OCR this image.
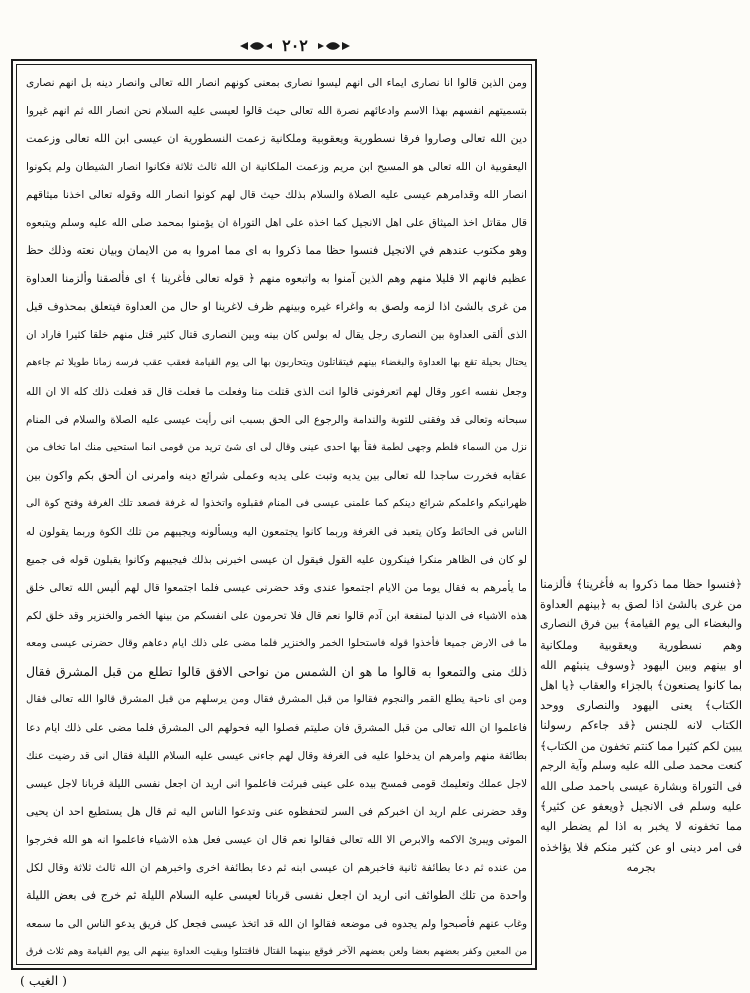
۲۰۲
ومن الذين قالوا انا نصارى ايماء الى انهم ليسوا نصارى بمعنى كونهم انصار الله تعالى وانصار دينه بل انهم نصارى
بتسميتهم انفسهم بهذا الاسم وادعائهم نصرة الله تعالى حيث قالوا لعيسى عليه السلام نحن انصار الله ثم انهم غيروا
دين الله تعالى وصاروا فرقا نسطورية ويعقوبية وملكانية زعمت النسطورية ان عيسى ابن الله تعالى وزعمت
اليعقوبية ان الله تعالى هو المسيح ابن مريم وزعمت الملكانية ان الله ثالث ثلاثة فكانوا انصار الشيطان ولم يكونوا
انصار الله وقدامرهم عيسى عليه الصلاة والسلام بذلك حيث قال لهم كونوا انصار الله وقوله تعالى اخذنا ميثاقهم
قال مقاتل اخذ الميثاق على اهل الانجيل كما اخذه على اهل التوراة ان يؤمنوا بمحمد صلى الله عليه وسلم ويتبعوه
وهو مكتوب عندهم في الانجيل فنسوا حظا مما ذكروا به اى مما امروا به من الايمان وبيان نعته وذلك حظ
عظيم فانهم الا قليلا منهم وهم الذين آمنوا به واتبعوه منهم ﴿ قوله تعالى فأغرينا ﴾ اى فألصقنا وألزمنا العداوة
من غرى بالشئ اذا لزمه ولصق به واغراء غيره وبينهم ظرف لاغرينا او حال من العداوة فيتعلق بمحذوف قيل
الذى ألقى العداوة بين النصارى رجل يقال له بولس كان بينه وبين النصارى قتال كثير قتل منهم خلقا كثيرا فاراد ان
يحتال بحيلة تقع بها العداوة والبغضاء بينهم فيتقاتلون ويتحاربون بها الى يوم القيامة فعقب عقب فرسه زمانا طويلا ثم جاءهم
وجعل نفسه اعور وقال لهم اتعرفونى قالوا انت الذى قتلت منا وفعلت ما فعلت قال قد فعلت ذلك كله الا ان الله
سبحانه وتعالى قد وفقنى للتوبة والندامة والرجوع الى الحق بسبب انى رأيت عيسى عليه الصلاة والسلام فى المنام
نزل من السماء فلطم وجهى لطمة فقأ بها احدى عينى وقال لى اى شئ تريد من قومى انما استحيى منك اما تخاف من
عقابه فخررت ساجدا لله تعالى بين يديه وتبت على يديه وعملى شرائع دينه وامرنى ان ألحق بكم واكون بين
ظهرانيكم واعلمكم شرائع دينكم كما علمنى عيسى فى المنام فقبلوه واتخذوا له غرفة فصعد تلك الغرفة وفتح كوة الى
الناس فى الحائط وكان يتعبد فى الغرفة وربما كانوا يجتمعون اليه ويسألونه ويجيبهم من تلك الكوة وربما يقولون له
لو كان فى الظاهر منكرا فينكرون عليه القول فيقول ان عيسى اخبرنى بذلك فيجيبهم وكانوا يقبلون قوله فى جميع
ما يأمرهم به فقال يوما من الايام اجتمعوا عندى وقد حضرنى عيسى فلما اجتمعوا قال لهم أليس الله تعالى خلق
هذه الاشياء فى الدنيا لمنفعة ابن آدم قالوا نعم قال فلا تحرمون على انفسكم من بينها الخمر والخنزير وقد خلق لكم
ما فى الارض جميعا فأخذوا قوله فاستحلوا الخمر والخنزير فلما مضى على ذلك ايام دعاهم وقال حضرنى عيسى ومعه
ذلك منى والتمعوا به قالوا ما هو ان الشمس من نواحى الافق قالوا تطلع من قبل المشرق فقال
ومن اى ناحية يطلع القمر والنجوم فقالوا من قبل المشرق فقال ومن يرسلهم من قبل المشرق قالوا الله تعالى فقال
فاعلموا ان الله تعالى من قبل المشرق فان صليتم فصلوا اليه فحولهم الى المشرق فلما مضى على ذلك ايام دعا
بطائفة منهم وامرهم ان يدخلوا عليه فى الغرفة وقال لهم جاءنى عيسى عليه السلام الليلة فقال انى قد رضيت عنك
لاجل عملك وتعليمك قومى فمسح بيده على عينى فبرئت فاعلموا انى اريد ان اجعل نفسى الليلة قربانا لاجل عيسى
وقد حضرنى علم اريد ان اخبركم فى السر لتحفظوه عنى وتدعوا الناس اليه ثم قال هل يستطيع احد ان يحيى
الموتى ويبرئ الاكمه والابرص الا الله تعالى فقالوا نعم قال ان عيسى فعل هذه الاشياء فاعلموا انه هو الله فخرجوا
من عنده ثم دعا بطائفة ثانية فاخبرهم ان عيسى ابنه ثم دعا بطائفة اخرى واخبرهم ان الله ثالث ثلاثة وقال لكل
واحدة من تلك الطوائف انى اريد ان اجعل نفسى قربانا لعيسى عليه السلام الليلة ثم خرج فى بعض الليلة
وغاب عنهم فأصبحوا ولم يجدوه فى موضعه فقالوا ان الله قد اتخذ عيسى فجعل كل فريق يدعو الناس الى ما سمعه
من المعين وكفر بعضهم بعضا ولعن بعضهم الآخر فوقع بينهما القتال فاقتتلوا وبقيت العداوة بينهم الى يوم القيامة وهم ثلاث فرق
﴿فنسوا حظا مما ذكروا به فأغرينا﴾ فألزمنا
من غرى بالشئ اذا لصق به ﴿بينهم العداوة
والبغضاء الى يوم القيامة﴾ بين فرق النصارى
وهم نسطورية ويعقوبية وملكانية
او بينهم وبين اليهود ﴿وسوف ينبئهم الله
بما كانوا يصنعون﴾ بالجزاء والعقاب ﴿يا اهل
الكتاب﴾ يعنى اليهود والنصارى ووحد
الكتاب لانه للجنس ﴿قد جاءكم رسولنا
يبين لكم كثيرا مما كنتم تخفون من الكتاب﴾
كنعت محمد صلى الله عليه وسلم وآية الرجم
فى التوراة وبشارة عيسى باحمد صلى الله
عليه وسلم فى الانجيل ﴿ويعفو عن كثير﴾
مما تخفونه لا يخبر به اذا لم يضطر اليه
فى امر دينى او عن كثير منكم فلا يؤاخذه
بجرمه
( الغيب )
